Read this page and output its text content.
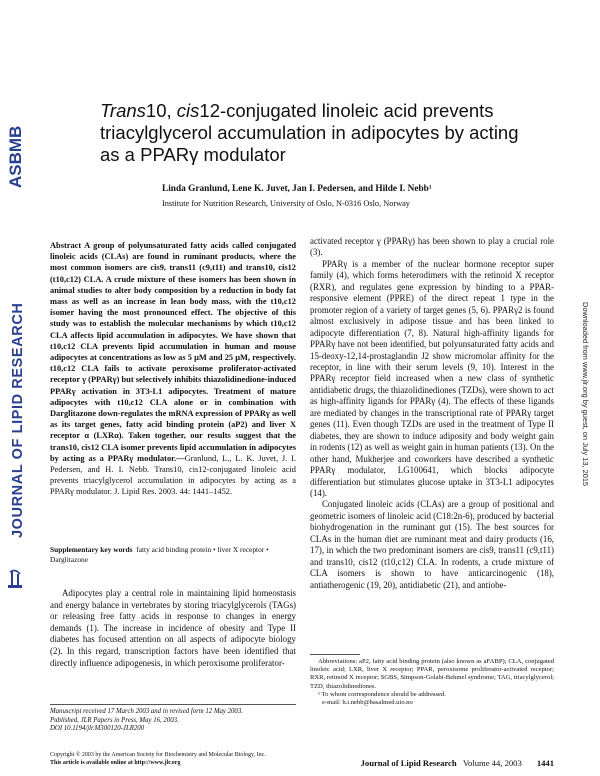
ASBMB
JOURNAL OF LIPID RESEARCH	Downloaded from www.jlr.org by guest, on July 13, 2015
Trans10, cis12-conjugated linoleic acid prevents triacylglycerol accumulation in adipocytes by acting as a PPARγ modulator
Linda Granlund, Lene K. Juvet, Jan I. Pedersen, and Hilde I. Nebb¹
Institute for Nutrition Research, University of Oslo, N-0316 Oslo, Norway
Abstract A group of polyunsaturated fatty acids called conjugated linoleic acids (CLAs) are found in ruminant products, where the most common isomers are cis9, trans11 (c9,t11) and trans10, cis12 (t10,c12) CLA. A crude mixture of these isomers has been shown in animal studies to alter body composition by a reduction in body fat mass as well as an increase in lean body mass, with the t10,c12 isomer having the most pronounced effect. The objective of this study was to establish the molecular mechanisms by which t10,c12 CLA affects lipid accumulation in adipocytes. We have shown that t10,c12 CLA prevents lipid accumulation in human and mouse adipocytes at concentrations as low as 5 μM and 25 μM, respectively. t10,c12 CLA fails to activate peroxisome proliferator-activated receptor γ (PPARγ) but selectively inhibits thiazolidinedione-induced PPARγ activation in 3T3-L1 adipocytes. Treatment of mature adipocytes with t10,c12 CLA alone or in combination with Darglitazone down-regulates the mRNA expression of PPARγ as well as its target genes, fatty acid binding protein (aP2) and liver X receptor α (LXRα). Taken together, our results suggest that the trans10, cis12 CLA isomer prevents lipid accumulation in adipocytes by acting as a PPARγ modulator.—Granlund, L., L. K. Juvet, J. I. Pedersen, and H. I. Nebb. Trans10, cis12-conjugated linoleic acid prevents triacylglycerol accumulation in adipocytes by acting as a PPARγ modulator. J. Lipid Res. 2003. 44: 1441–1452.
Supplementary key words fatty acid binding protein • liver X receptor • Darglitazone

Adipocytes play a central role in maintaining lipid homeostasis and energy balance in vertebrates by storing triacylglycerols (TAGs) or releasing free fatty acids in response to changes in energy demands (1). The increase in incidence of obesity and Type II diabetes has focused attention on all aspects of adipocyte biology (2). In this regard, transcription factors have been identified that directly influence adipogenesis, in which peroxisome proliferator-

Manuscript received 17 March 2003 and in revised form 12 May 2003.
Published, JLR Papers in Press, May 16, 2003.
DOI 10.1194/jlr.M300120-JLR200
Copyright © 2003 by the American Society for Biochemistry and Molecular Biology, Inc.
This article is available online at http://www.jlr.org

activated receptor γ (PPARγ) has been shown to play a crucial role (3).

PPARγ is a member of the nuclear hormone receptor super family (4), which forms heterodimers with the retinoid X receptor (RXR), and regulates gene expression by binding to a PPAR-responsive element (PPRE) of the direct repeat 1 type in the promoter region of a variety of target genes (5, 6). PPARγ2 is found almost exclusively in adipose tissue and has been linked to adipocyte differentiation (7, 8). Natural high-affinity ligands for PPARγ have not been identified, but polyunsaturated fatty acids and 15-deoxy-12,14-prostaglandin J2 show micromolar affinity for the receptor, in line with their serum levels (9, 10). Interest in the PPARγ receptor field increased when a new class of synthetic antidiabetic drugs, the thiazolidinediones (TZDs), were shown to act as high-affinity ligands for PPARγ (4). The effects of these ligands are mediated by changes in the transcriptional rate of PPARγ target genes (11). Even though TZDs are used in the treatment of Type II diabetes, they are shown to induce adiposity and body weight gain in rodents (12) as well as weight gain in human patients (13). On the other hand, Mukherjee and coworkers have described a synthetic PPARγ modulator, LG100641, which blocks adipocyte differentiation but stimulates glucose uptake in 3T3-L1 adipocytes (14).

Conjugated linoleic acids (CLAs) are a group of positional and geometric isomers of linoleic acid (C18:2n-6), produced by bacterial biohydrogenation in the ruminant gut (15). The best sources for CLAs in the human diet are ruminant meat and dairy products (16, 17), in which the two predominant isomers are cis9, trans11 (c9,t11) and trans10, cis12 (t10,c12) CLA. In rodents, a crude mixture of CLA isomers is shown to have anticarcinogenic (18), antiatherogenic (19, 20), antidiabetic (21), and antiobe-

Abbreviations: aP2, fatty acid binding protein (also known as aFABP); CLA, conjugated linoleic acid; LXR, liver X receptor; PPAR, peroxisome proliferator-activated receptor; RXR, retinoid X receptor; SGBS, Simpson-Golabi-Behmel syndrome; TAG, triacylglycerol; TZD, thiazolidinediones.
¹ To whom correspondence should be addressed.
e-mail: h.i.nebb@basalmed.uio.no
Journal of Lipid Research Volume 44, 2003 1441
